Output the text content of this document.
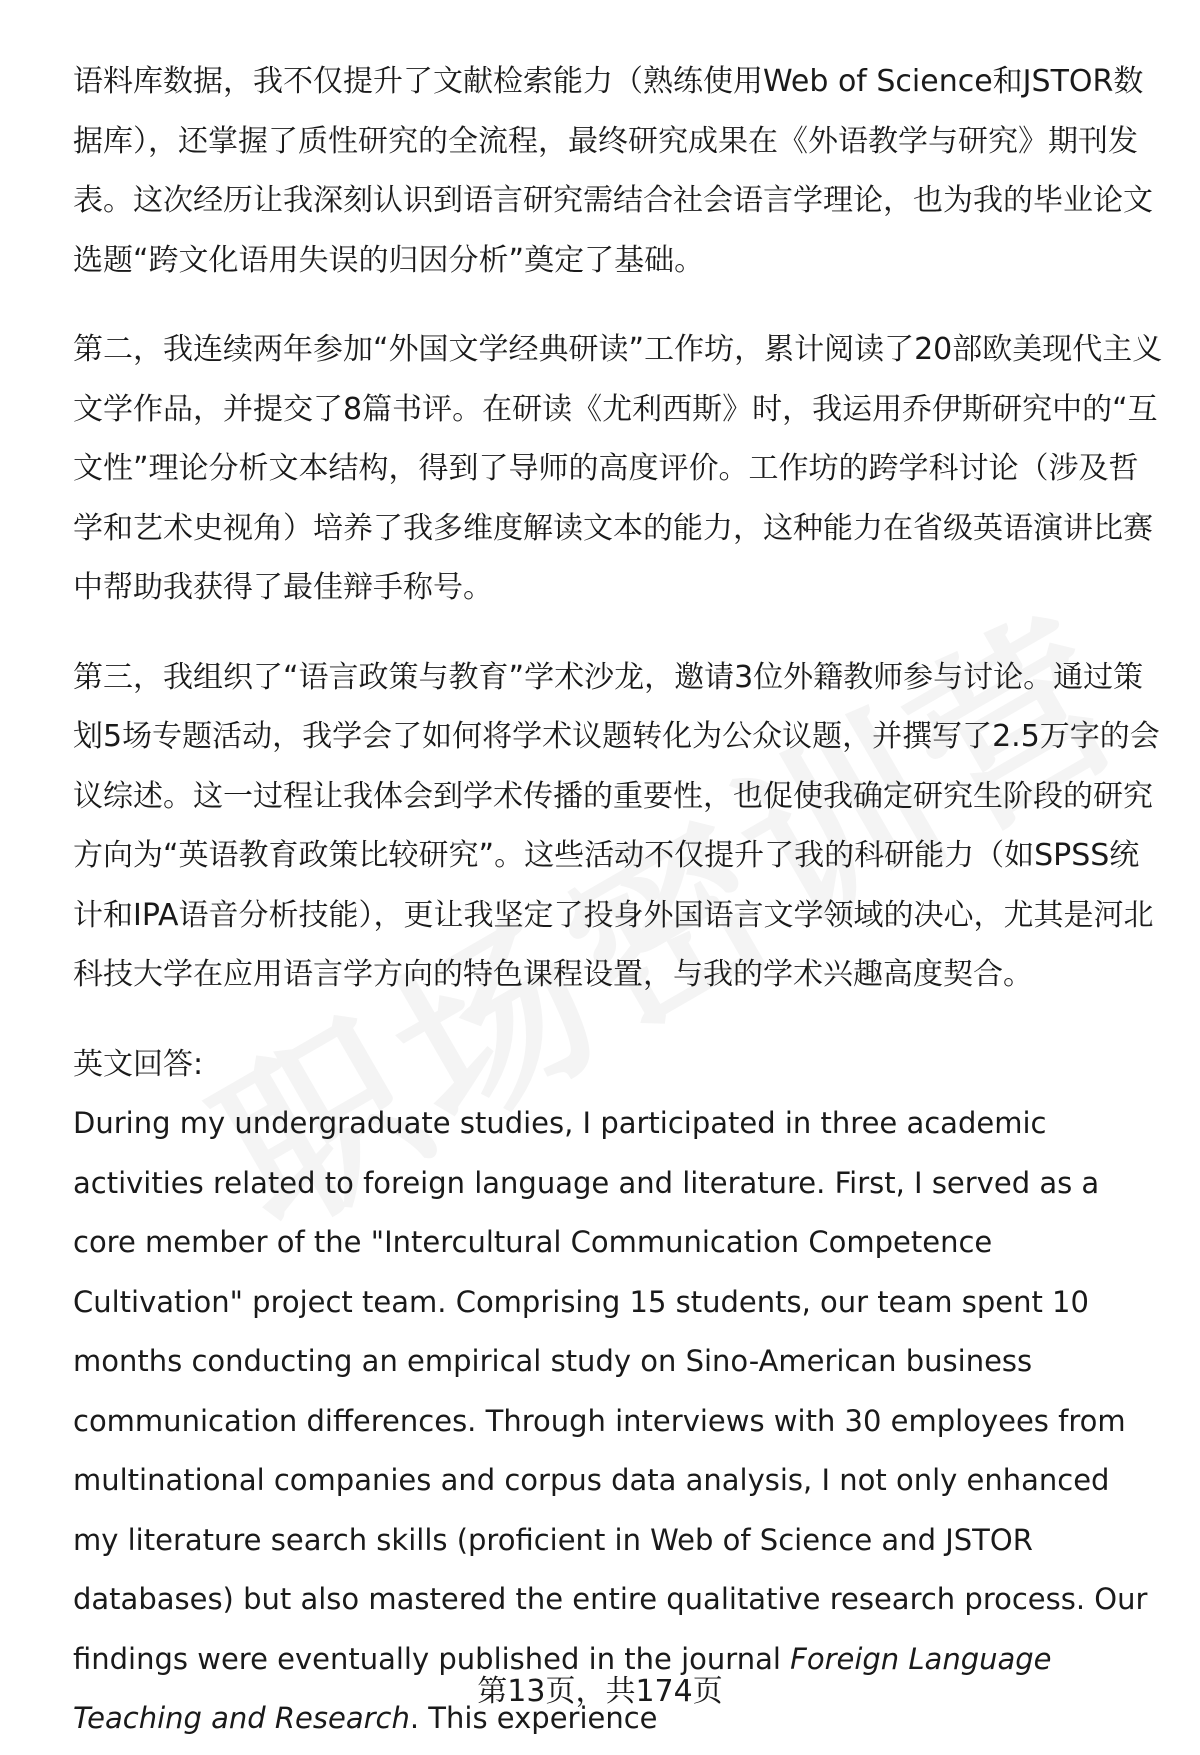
语料库数据，我不仅提升了文献检索能力（熟练使用Web of Science和JSTOR数据库），还掌握了质性研究的全流程，最终研究成果在《外语教学与研究》期刊发表。这次经历让我深刻认识到语言研究需结合社会语言学理论，也为我的毕业论文选题“跨文化语用失误的归因分析”奠定了基础。

第二，我连续两年参加“外国文学经典研读”工作坊，累计阅读了20部欧美现代主义文学作品，并提交了8篇书评。在研读《尤利西斯》时，我运用乔伊斯研究中的“互文性”理论分析文本结构，得到了导师的高度评价。工作坊的跨学科讨论（涉及哲学和艺术史视角）培养了我多维度解读文本的能力，这种能力在省级英语演讲比赛中帮助我获得了最佳辩手称号。

第三，我组织了“语言政策与教育”学术沙龙，邀请3位外籍教师参与讨论。通过策划5场专题活动，我学会了如何将学术议题转化为公众议题，并撰写了2.5万字的会议综述。这一过程让我体会到学术传播的重要性，也促使我确定研究生阶段的研究方向为“英语教育政策比较研究”。这些活动不仅提升了我的科研能力（如SPSS统计和IPA语音分析技能），更让我坚定了投身外国语言文学领域的决心，尤其是河北科技大学在应用语言学方向的特色课程设置，与我的学术兴趣高度契合。

英文回答:

During my undergraduate studies, I participated in three academic activities related to foreign language and literature. First, I served as a core member of the "Intercultural Communication Competence Cultivation" project team. Comprising 15 students, our team spent 10 months conducting an empirical study on Sino-American business communication differences. Through interviews with 30 employees from multinational companies and corpus data analysis, I not only enhanced my literature search skills (proficient in Web of Science and JSTOR databases) but also mastered the entire qualitative research process. Our findings were eventually published in the journal Foreign Language Teaching and Research. This experience

第13页，共174页
